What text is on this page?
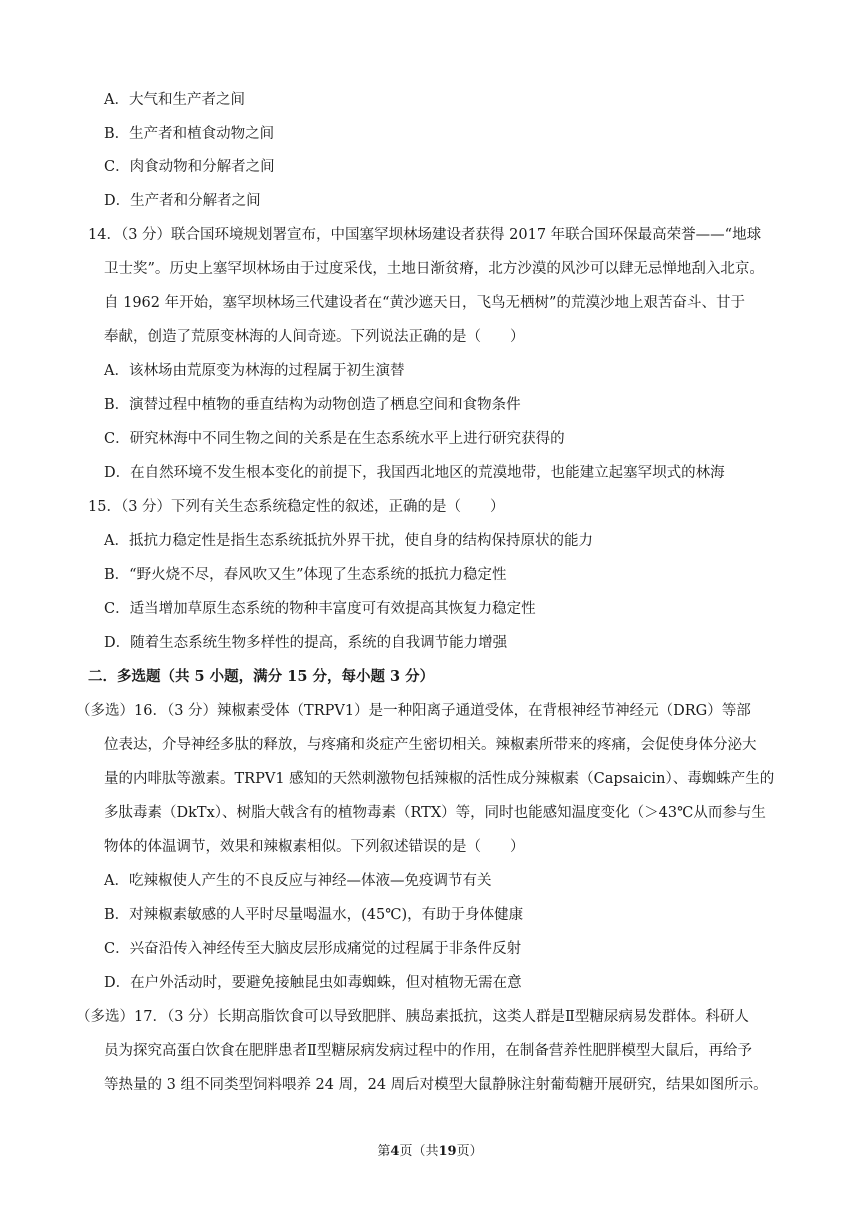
A．大气和生产者之间
B．生产者和植食动物之间
C．肉食动物和分解者之间
D．生产者和分解者之间
14．（3 分）联合国环境规划署宣布，中国塞罕坝林场建设者获得 2017 年联合国环保最高荣誉——“地球
卫士奖”。历史上塞罕坝林场由于过度采伐，土地日渐贫瘠，北方沙漠的风沙可以肆无忌惮地刮入北京。
自 1962 年开始，塞罕坝林场三代建设者在“黄沙遮天日，飞鸟无栖树”的荒漠沙地上艰苦奋斗、甘于
奉献，创造了荒原变林海的人间奇迹。下列说法正确的是（　　）
A．该林场由荒原变为林海的过程属于初生演替
B．演替过程中植物的垂直结构为动物创造了栖息空间和食物条件
C．研究林海中不同生物之间的关系是在生态系统水平上进行研究获得的
D．在自然环境不发生根本变化的前提下，我国西北地区的荒漠地带，也能建立起塞罕坝式的林海
15．（3 分）下列有关生态系统稳定性的叙述，正确的是（　　）
A．抵抗力稳定性是指生态系统抵抗外界干扰，使自身的结构保持原状的能力
B．“野火烧不尽，春风吹又生”体现了生态系统的抵抗力稳定性
C．适当增加草原生态系统的物种丰富度可有效提高其恢复力稳定性
D．随着生态系统生物多样性的提高，系统的自我调节能力增强
二．多选题（共 5 小题，满分 15 分，每小题 3 分）
（多选）16．（3 分）辣椒素受体（TRPV1）是一种阳离子通道受体，在背根神经节神经元（DRG）等部
位表达，介导神经多肽的释放，与疼痛和炎症产生密切相关。辣椒素所带来的疼痛，会促使身体分泌大
量的内啡肽等激素。TRPV1 感知的天然刺激物包括辣椒的活性成分辣椒素（Capsaicin）、毒蜘蛛产生的
多肽毒素（DkTx）、树脂大戟含有的植物毒素（RTX）等，同时也能感知温度变化（＞43℃从而参与生
物体的体温调节，效果和辣椒素相似。下列叙述错误的是（　　）
A．吃辣椒使人产生的不良反应与神经—体液—免疫调节有关
B．对辣椒素敏感的人平时尽量喝温水，(45℃)，有助于身体健康
C．兴奋沿传入神经传至大脑皮层形成痛觉的过程属于非条件反射
D．在户外活动时，要避免接触昆虫如毒蜘蛛，但对植物无需在意
（多选）17．（3 分）长期高脂饮食可以导致肥胖、胰岛素抵抗，这类人群是Ⅱ型糖尿病易发群体。科研人
员为探究高蛋白饮食在肥胖患者Ⅱ型糖尿病发病过程中的作用，在制备营养性肥胖模型大鼠后，再给予
等热量的 3 组不同类型饲料喂养 24 周，24 周后对模型大鼠静脉注射葡萄糖开展研究，结果如图所示。
第4页（共19页）
